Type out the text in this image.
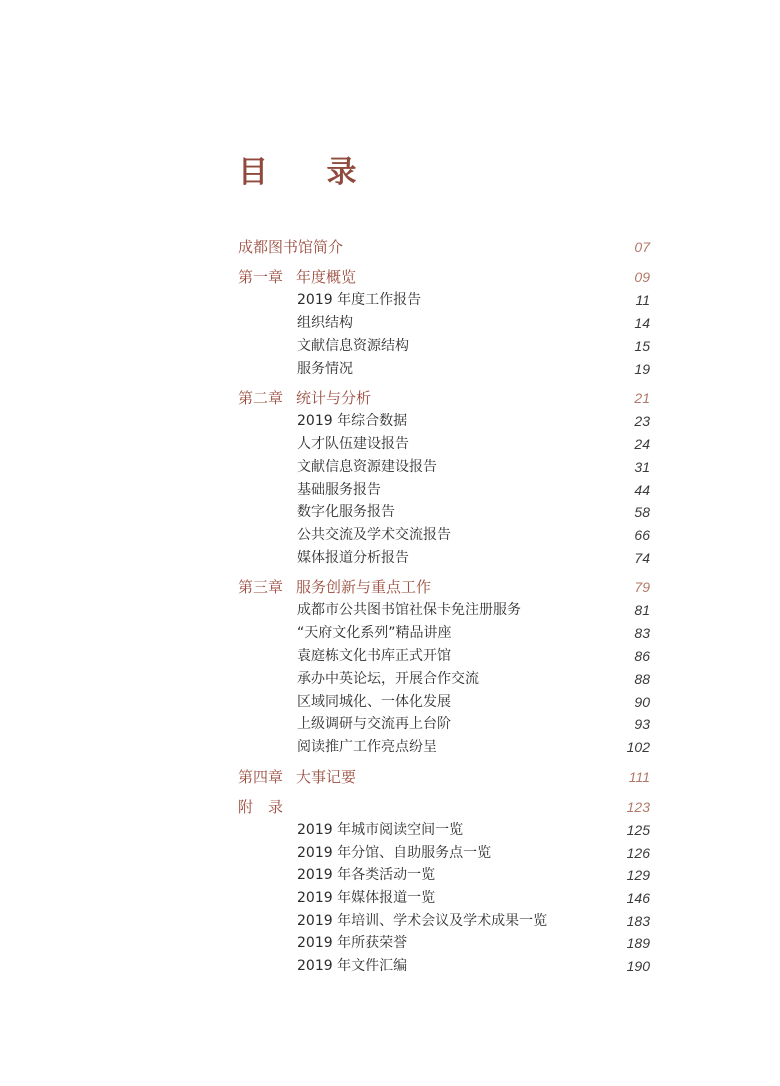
目 录
成都图书馆简介	07
第一章 年度概览	09
2019 年度工作报告	11
组织结构	14
文献信息资源结构	15
服务情况	19
第二章 统计与分析	21
2019 年综合数据	23
人才队伍建设报告	24
文献信息资源建设报告	31
基础服务报告	44
数字化服务报告	58
公共交流及学术交流报告	66
媒体报道分析报告	74
第三章 服务创新与重点工作	79
成都市公共图书馆社保卡免注册服务	81
“天府文化系列”精品讲座	83
袁庭栋文化书库正式开馆	86
承办中英论坛，开展合作交流	88
区域同城化、一体化发展	90
上级调研与交流再上台阶	93
阅读推广工作亮点纷呈	102
第四章 大事记要	111
附　录	123
2019 年城市阅读空间一览	125
2019 年分馆、自助服务点一览	126
2019 年各类活动一览	129
2019 年媒体报道一览	146
2019 年培训、学术会议及学术成果一览	183
2019 年所获荣誉	189
2019 年文件汇编	190
